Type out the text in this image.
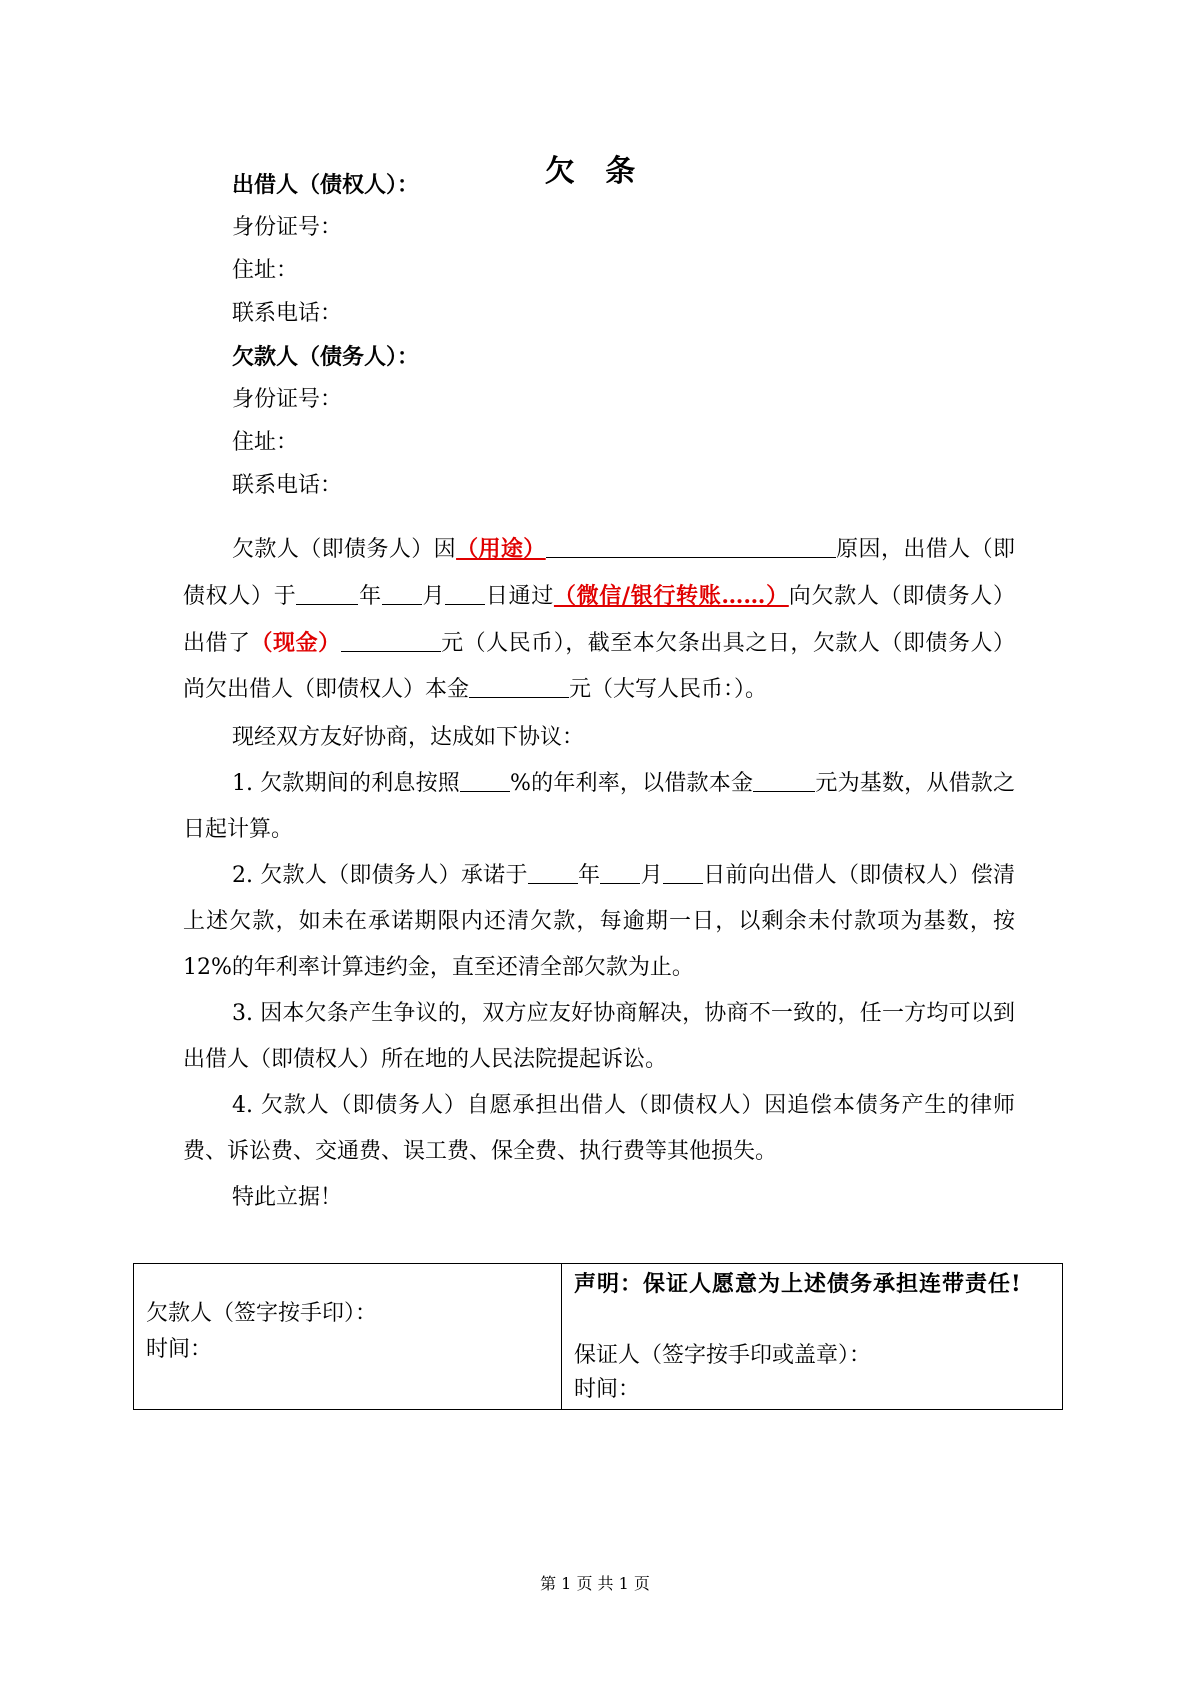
欠 条
出借人（债权人）：
身份证号：
住址：
联系电话：
欠款人（债务人）：
身份证号：
住址：
联系电话：

欠款人（即债务人）因（用途）	原因，出借人（即债权人）于	年 月 日通过（微信/银行转账……）向欠款人（即债务人）出借了（现金）	元（人民币），截至本欠条出具之日，欠款人（即债务人）尚欠出借人（即债权人）本金	元（大写人民币：）。

现经双方友好协商，达成如下协议：

1. 欠款期间的利息按照 %的年利率，以借款本金	元为基数，从借款之日起计算。

2. 欠款人（即债务人）承诺于 年 月 日前向出借人（即债权人）偿清上述欠款，如未在承诺期限内还清欠款，每逾期一日，以剩余未付款项为基数，按 12%的年利率计算违约金，直至还清全部欠款为止。

3. 因本欠条产生争议的，双方应友好协商解决，协商不一致的，任一方均可以到出借人（即债权人）所在地的人民法院提起诉讼。

4. 欠款人（即债务人）自愿承担出借人（即债权人）因追偿本债务产生的律师费、诉讼费、交通费、误工费、保全费、执行费等其他损失。

特此立据！

欠款人（签字按手印）：
时间：
声明：保证人愿意为上述债务承担连带责任!
保证人（签字按手印或盖章）：
时间：
第 1 页 共 1 页
